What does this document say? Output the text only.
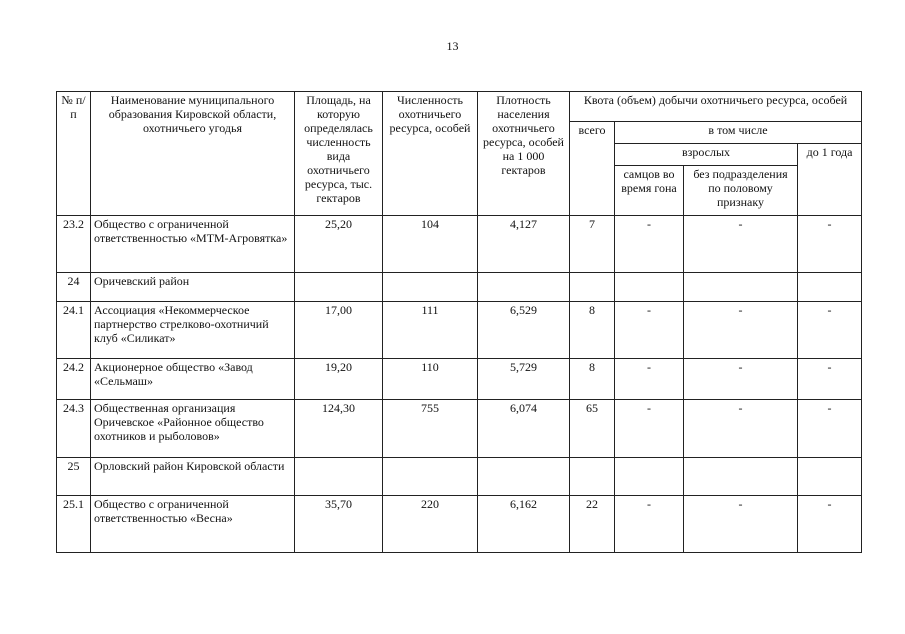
13
№ п/п	Наименование муниципального образования Кировской области, охотничьего угодья	Площадь, на которую определялась численность вида охотничьего ресурса, тыс. гектаров	Численность охотничьего ресурса, особей	Плотность населения охотничьего ресурса, особей на 1 000 гектаров	Квота (объем) добычи охотничьего ресурса, особей			
					всего	в том числе		
						взрослых		до 1 года
						самцов во время гона	без подразделения по половому признаку	
23.2	Общество с ограниченной ответственностью «МТМ-Агровятка»	25,20	104	4,127	7	-	-	-
24	Оричевский район							
24.1	Ассоциация «Некоммерческое партнерство стрелково-охотничий клуб «Силикат»	17,00	111	6,529	8	-	-	-
24.2	Акционерное общество «Завод «Сельмаш»	19,20	110	5,729	8	-	-	-
24.3	Общественная организация Оричевское «Районное общество охотников и рыболовов»	124,30	755	6,074	65	-	-	-
25	Орловский район Кировской области							
25.1	Общество с ограниченной ответственностью «Весна»	35,70	220	6,162	22	-	-	-
